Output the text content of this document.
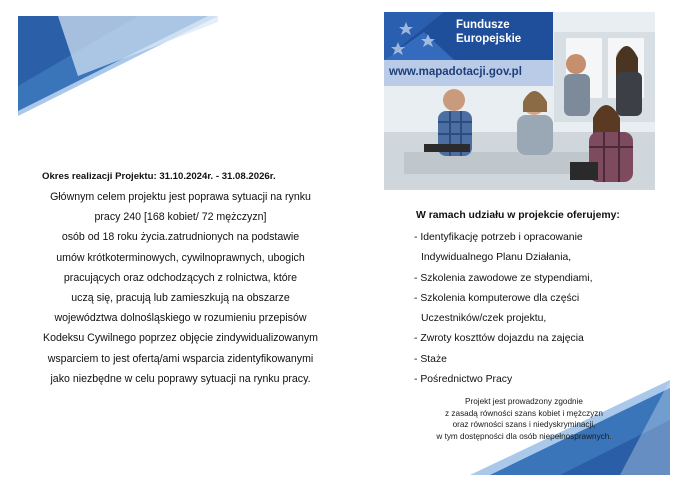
Okres realizacji Projektu: 31.10.2024r. - 31.08.2026r.
Głównym celem projektu jest poprawa sytuacji na rynku
pracy 240 [168 kobiet/ 72 mężczyzn]
osób od 18 roku życia.zatrudnionych na podstawie
umów krótkoterminowych, cywilnoprawnych, ubogich
pracujących oraz odchodzących z rolnictwa, które
uczą się, pracują lub zamieszkują na obszarze
województwa dolnośląskiego w rozumieniu przepisów
Kodeksu Cywilnego poprzez objęcie zindywidualizowanym
wsparciem to jest ofertą/ami wsparcia zidentyfikowanymi
jako niezbędne w celu poprawy sytuacji na rynku pracy.
Fundusze
Europejskie
www.mapadotacji.gov.pl
W ramach udziału w projekcie oferujemy:
- Identyfikację potrzeb i opracowanie
Indywidualnego Planu Działania,
- Szkolenia zawodowe ze stypendiami,
- Szkolenia komputerowe dla części
Uczestników/czek projektu,
- Zwroty koszttów dojazdu na zajęcia
- Staże
- Pośrednictwo Pracy
Projekt jest prowadzony zgodnie
z zasadą równości szans kobiet i mężczyzn
oraz równości szans i niedyskryminacji,
w tym dostępności dla osób niepełnosprawnych.
